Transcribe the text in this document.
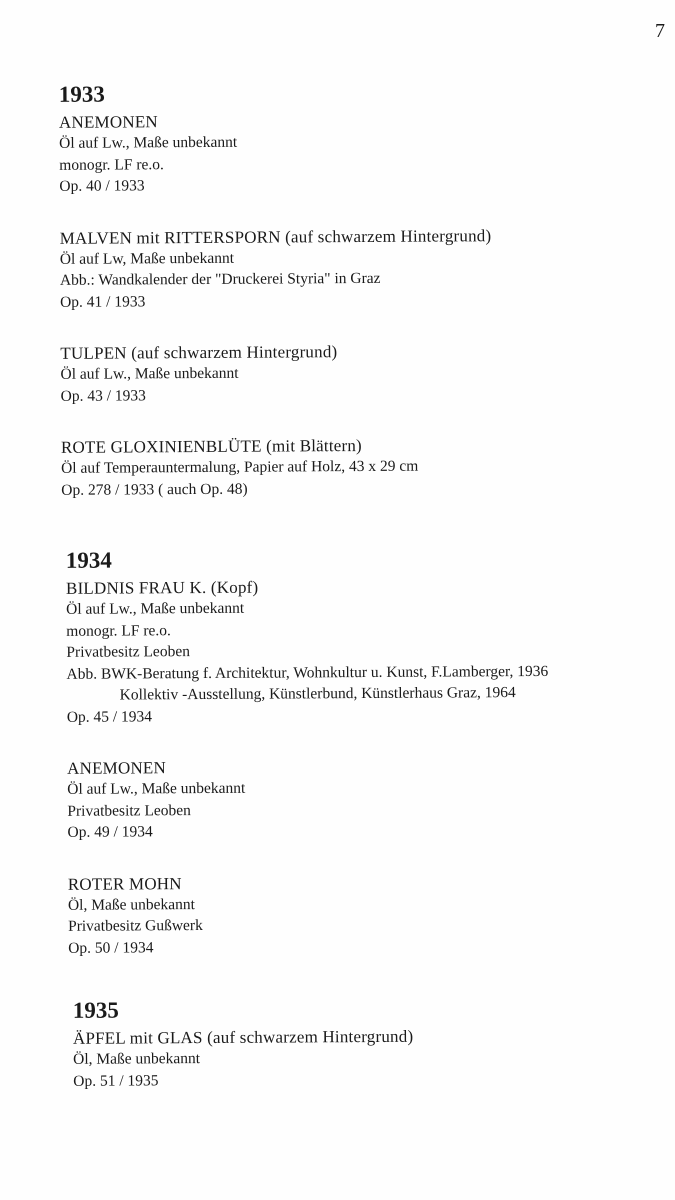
7
1933
ANEMONEN
Öl auf Lw., Maße unbekannt
monogr. LF re.o.
Op. 40 / 1933
MALVEN mit RITTERSPORN (auf schwarzem Hintergrund)
Öl auf Lw, Maße unbekannt
Abb.: Wandkalender der "Druckerei Styria" in Graz
Op. 41 / 1933
TULPEN (auf schwarzem Hintergrund)
Öl auf Lw., Maße unbekannt
Op. 43 / 1933
ROTE GLOXINIENBLÜTE (mit Blättern)
Öl auf Temperauntermalung, Papier auf Holz, 43 x 29 cm
Op. 278 / 1933 ( auch Op. 48)
1934
BILDNIS FRAU K. (Kopf)
Öl auf Lw., Maße unbekannt
monogr. LF re.o.
Privatbesitz Leoben
Abb. BWK-Beratung f. Architektur, Wohnkultur u. Kunst, F.Lamberger, 1936
Kollektiv -Ausstellung, Künstlerbund, Künstlerhaus Graz, 1964
Op. 45 / 1934
ANEMONEN
Öl auf Lw., Maße unbekannt
Privatbesitz Leoben
Op. 49 / 1934
ROTER MOHN
Öl, Maße unbekannt
Privatbesitz Gußwerk
Op. 50 / 1934
1935
ÄPFEL mit GLAS (auf schwarzem Hintergrund)
Öl, Maße unbekannt
Op. 51 / 1935
